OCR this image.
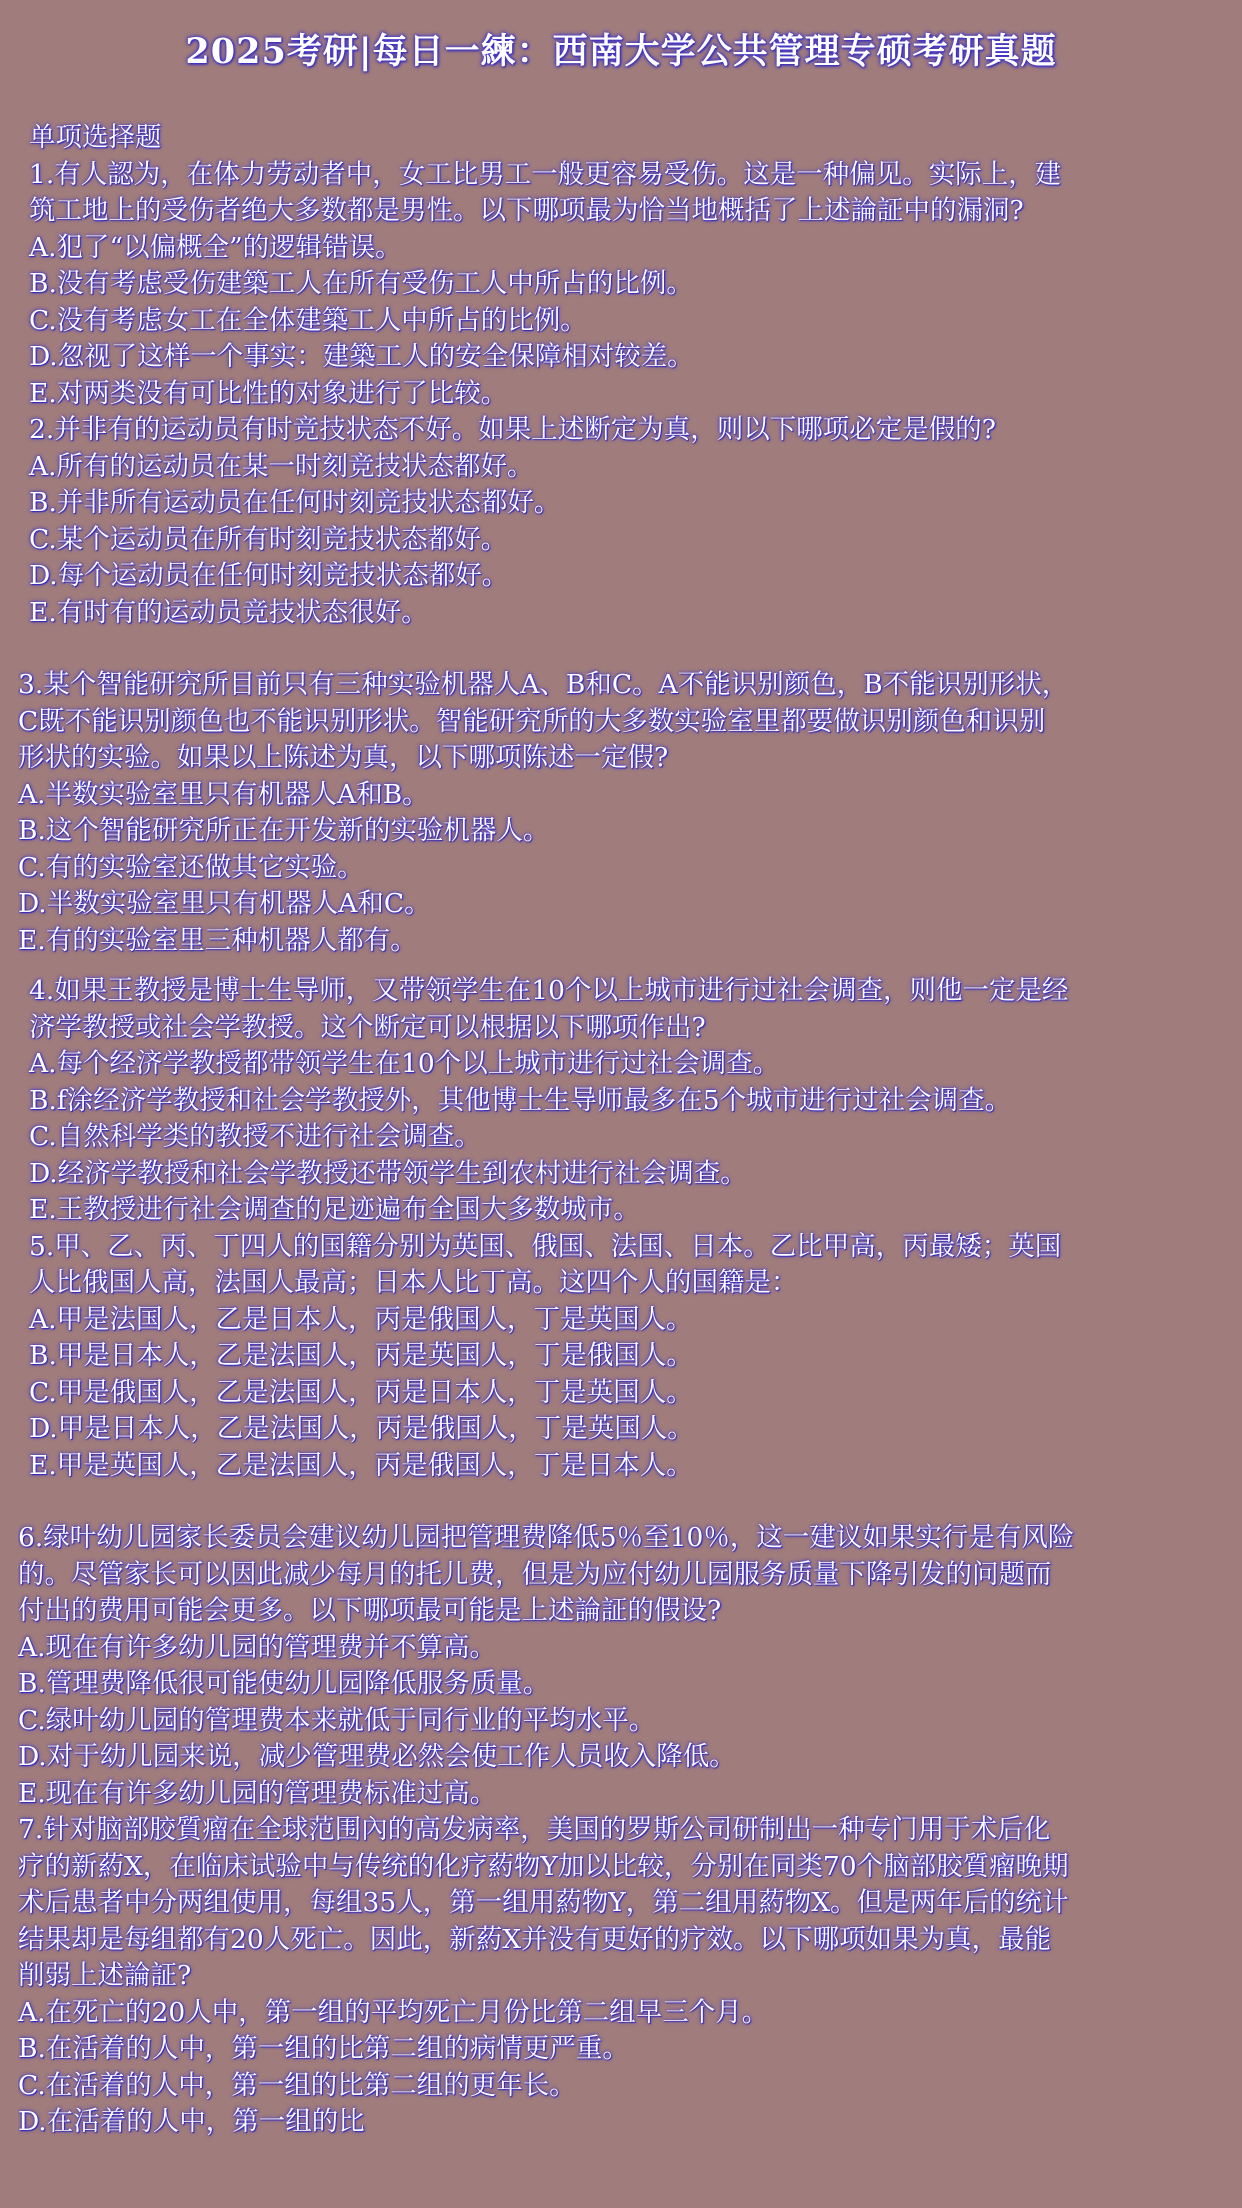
2025考研|每日一練：西南大学公共管理专硕考研真题
单项选择题
1.有人認为，在体力劳动者中，女工比男工一般更容易受伤。这是一种偏见。实际上，建
筑工地上的受伤者绝大多数都是男性。以下哪项最为恰当地概括了上述論証中的漏洞?
A.犯了“以偏概全”的逻辑错误。
B.没有考虑受伤建築工人在所有受伤工人中所占的比例。
C.没有考虑女工在全体建築工人中所占的比例。
D.忽视了这样一个事实：建築工人的安全保障相对较差。
E.对两类没有可比性的对象进行了比较。
2.并非有的运动员有时竞技状态不好。如果上述断定为真，则以下哪项必定是假的?
A.所有的运动员在某一时刻竞技状态都好。
B.并非所有运动员在任何时刻竞技状态都好。
C.某个运动员在所有时刻竞技状态都好。
D.每个运动员在任何时刻竞技状态都好。
E.有时有的运动员竞技状态很好。
3.某个智能研究所目前只有三种实验机器人A、B和C。A不能识别颜色，B不能识别形状，
C既不能识别颜色也不能识别形状。智能研究所的大多数实验室里都要做识别颜色和识别
形状的实验。如果以上陈述为真，以下哪项陈述一定假?
A.半数实验室里只有机器人A和B。
B.这个智能研究所正在开发新的实验机器人。
C.有的实验室还做其它实验。
D.半数实验室里只有机器人A和C。
E.有的实验室里三种机器人都有。
4.如果王教授是博士生导师，又带领学生在10个以上城市进行过社会调查，则他一定是经
济学教授或社会学教授。这个断定可以根据以下哪项作出?
A.每个经济学教授都带领学生在10个以上城市进行过社会调查。
B.f涂经济学教授和社会学教授外，其他博士生导师最多在5个城市进行过社会调查。
C.自然科学类的教授不进行社会调查。
D.经济学教授和社会学教授还带领学生到农村进行社会调查。
E.王教授进行社会调查的足迹遍布全国大多数城市。
5.甲、乙、丙、丁四人的国籍分别为英国、俄国、法国、日本。乙比甲高，丙最矮；英国
人比俄国人高，法国人最高；日本人比丁高。这四个人的国籍是：
A.甲是法国人，乙是日本人，丙是俄国人，丁是英国人。
B.甲是日本人，乙是法国人，丙是英国人，丁是俄国人。
C.甲是俄国人，乙是法国人，丙是日本人，丁是英国人。
D.甲是日本人，乙是法国人，丙是俄国人，丁是英国人。
E.甲是英国人，乙是法国人，丙是俄国人，丁是日本人。
6.绿叶幼儿园家长委员会建议幼儿园把管理费降低5％至10％，这一建议如果实行是有风险
的。尽管家长可以因此减少每月的托儿费，但是为应付幼儿园服务质量下降引发的问题而
付出的费用可能会更多。以下哪项最可能是上述論証的假设?
A.现在有许多幼儿园的管理费并不算高。
B.管理费降低很可能使幼儿园降低服务质量。
C.绿叶幼儿园的管理费本来就低于同行业的平均水平。
D.对于幼儿园来说，减少管理费必然会使工作人员收入降低。
E.现在有许多幼儿园的管理费标准过高。
7.针对脑部胶質瘤在全球范围內的高发病率，美国的罗斯公司研制出一种专门用于术后化
疗的新葯X，在临床试验中与传统的化疗葯物Y加以比较，分别在同类70个脑部胶質瘤晚期
术后患者中分两组使用，每组35人，第一组用葯物Y，第二组用葯物X。但是两年后的统计
结果却是每组都有20人死亡。因此，新葯X并没有更好的疗效。以下哪项如果为真，最能
削弱上述論証?
A.在死亡的20人中，第一组的平均死亡月份比第二组早三个月。
B.在活着的人中，第一组的比第二组的病情更严重。
C.在活着的人中，第一组的比第二组的更年长。
D.在活着的人中，第一组的比
